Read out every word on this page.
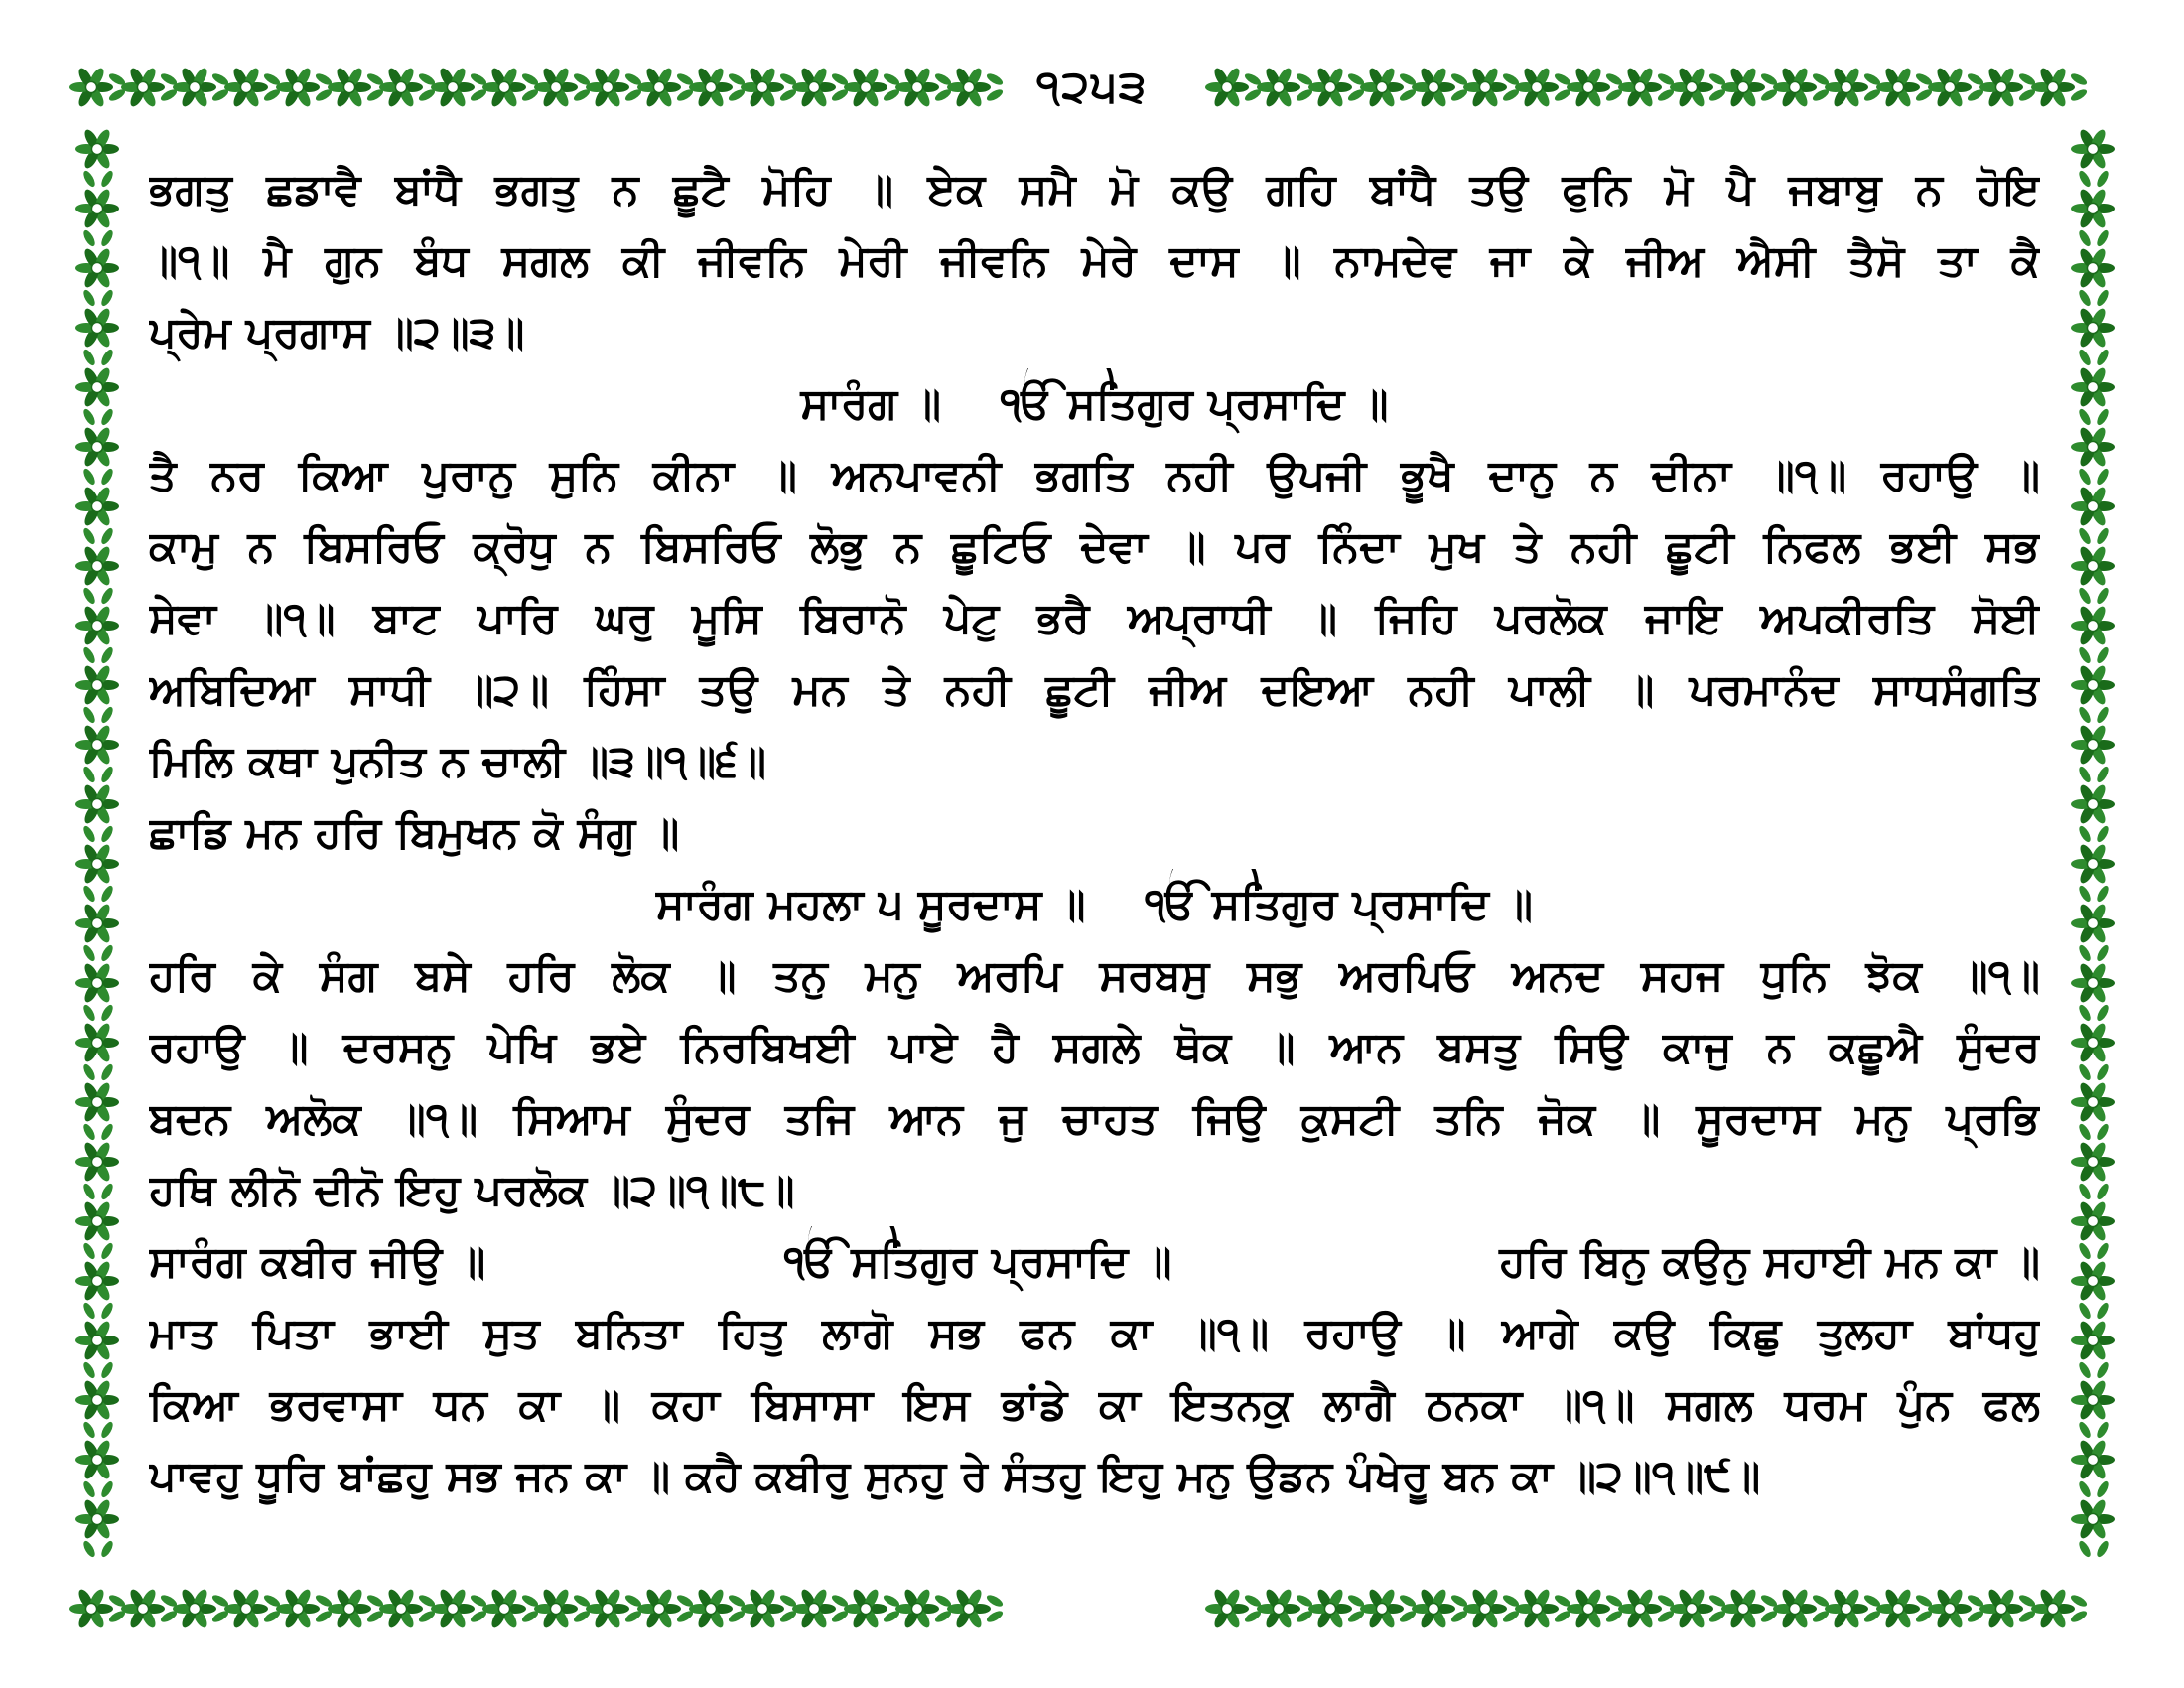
੧੨੫੩
ਭਗਤੁ ਛਡਾਵੈ ਬਾਂਧੈ ਭਗਤੁ ਨ ਛੂਟੈ ਮੋਹਿ ॥ ਏਕ ਸਮੈ ਮੋ ਕਉ ਗਹਿ ਬਾਂਧੈ ਤਉ ਫੁਨਿ ਮੋ ਪੈ ਜਬਾਬੁ ਨ ਹੋਇ
॥੧॥ ਮੈ ਗੁਨ ਬੰਧ ਸਗਲ ਕੀ ਜੀਵਨਿ ਮੇਰੀ ਜੀਵਨਿ ਮੇਰੇ ਦਾਸ ॥ ਨਾਮਦੇਵ ਜਾ ਕੇ ਜੀਅ ਐਸੀ ਤੈਸੋ ਤਾ ਕੈ
ਪ੍ਰੇਮ ਪ੍ਰਗਾਸ ॥੨॥੩॥
ਸਾਰੰਗ ॥ ੴ ਸਤਿਗੁਰ ਪ੍ਰਸਾਦਿ ॥
ਤੈ ਨਰ ਕਿਆ ਪੁਰਾਨੁ ਸੁਨਿ ਕੀਨਾ ॥ ਅਨਪਾਵਨੀ ਭਗਤਿ ਨਹੀ ਉਪਜੀ ਭੂਖੈ ਦਾਨੁ ਨ ਦੀਨਾ ॥੧॥ ਰਹਾਉ ॥
ਕਾਮੁ ਨ ਬਿਸਰਿਓ ਕ੍ਰੋਧੁ ਨ ਬਿਸਰਿਓ ਲੋਭੁ ਨ ਛੂਟਿਓ ਦੇਵਾ ॥ ਪਰ ਨਿੰਦਾ ਮੁਖ ਤੇ ਨਹੀ ਛੂਟੀ ਨਿਫਲ ਭਈ ਸਭ
ਸੇਵਾ ॥੧॥ ਬਾਟ ਪਾਰਿ ਘਰੁ ਮੂਸਿ ਬਿਰਾਨੋ ਪੇਟੁ ਭਰੈ ਅਪ੍ਰਾਧੀ ॥ ਜਿਹਿ ਪਰਲੋਕ ਜਾਇ ਅਪਕੀਰਤਿ ਸੋਈ
ਅਬਿਦਿਆ ਸਾਧੀ ॥੨॥ ਹਿੰਸਾ ਤਉ ਮਨ ਤੇ ਨਹੀ ਛੂਟੀ ਜੀਅ ਦਇਆ ਨਹੀ ਪਾਲੀ ॥ ਪਰਮਾਨੰਦ ਸਾਧਸੰਗਤਿ
ਮਿਲਿ ਕਥਾ ਪੁਨੀਤ ਨ ਚਾਲੀ ॥੩॥੧॥੬॥
ਛਾਡਿ ਮਨ ਹਰਿ ਬਿਮੁਖਨ ਕੋ ਸੰਗੁ ॥
ਸਾਰੰਗ ਮਹਲਾ ੫ ਸੂਰਦਾਸ ॥ ੴ ਸਤਿਗੁਰ ਪ੍ਰਸਾਦਿ ॥
ਹਰਿ ਕੇ ਸੰਗ ਬਸੇ ਹਰਿ ਲੋਕ ॥ ਤਨੁ ਮਨੁ ਅਰਪਿ ਸਰਬਸੁ ਸਭੁ ਅਰਪਿਓ ਅਨਦ ਸਹਜ ਧੁਨਿ ਝੋਕ ॥੧॥
ਰਹਾਉ ॥ ਦਰਸਨੁ ਪੇਖਿ ਭਏ ਨਿਰਬਿਖਈ ਪਾਏ ਹੈ ਸਗਲੇ ਥੋਕ ॥ ਆਨ ਬਸਤੁ ਸਿਉ ਕਾਜੁ ਨ ਕਛੂਐ ਸੁੰਦਰ
ਬਦਨ ਅਲੋਕ ॥੧॥ ਸਿਆਮ ਸੁੰਦਰ ਤਜਿ ਆਨ ਜੁ ਚਾਹਤ ਜਿਉ ਕੁਸਟੀ ਤਨਿ ਜੋਕ ॥ ਸੂਰਦਾਸ ਮਨੁ ਪ੍ਰਭਿ
ਹਥਿ ਲੀਨੋ ਦੀਨੋ ਇਹੁ ਪਰਲੋਕ ॥੨॥੧॥੮॥
ਸਾਰੰਗ ਕਬੀਰ ਜੀਉ ॥	ੴ ਸਤਿਗੁਰ ਪ੍ਰਸਾਦਿ ॥	ਹਰਿ ਬਿਨੁ ਕਉਨੁ ਸਹਾਈ ਮਨ ਕਾ ॥
ਮਾਤ ਪਿਤਾ ਭਾਈ ਸੁਤ ਬਨਿਤਾ ਹਿਤੁ ਲਾਗੋ ਸਭ ਫਨ ਕਾ ॥੧॥ ਰਹਾਉ ॥ ਆਗੇ ਕਉ ਕਿਛੁ ਤੁਲਹਾ ਬਾਂਧਹੁ
ਕਿਆ ਭਰਵਾਸਾ ਧਨ ਕਾ ॥ ਕਹਾ ਬਿਸਾਸਾ ਇਸ ਭਾਂਡੇ ਕਾ ਇਤਨਕੁ ਲਾਗੈ ਠਨਕਾ ॥੧॥ ਸਗਲ ਧਰਮ ਪੁੰਨ ਫਲ
ਪਾਵਹੁ ਧੂਰਿ ਬਾਂਛਹੁ ਸਭ ਜਨ ਕਾ ॥ ਕਹੈ ਕਬੀਰੁ ਸੁਨਹੁ ਰੇ ਸੰਤਹੁ ਇਹੁ ਮਨੁ ਉਡਨ ਪੰਖੇਰੂ ਬਨ ਕਾ ॥੨॥੧॥੯॥
